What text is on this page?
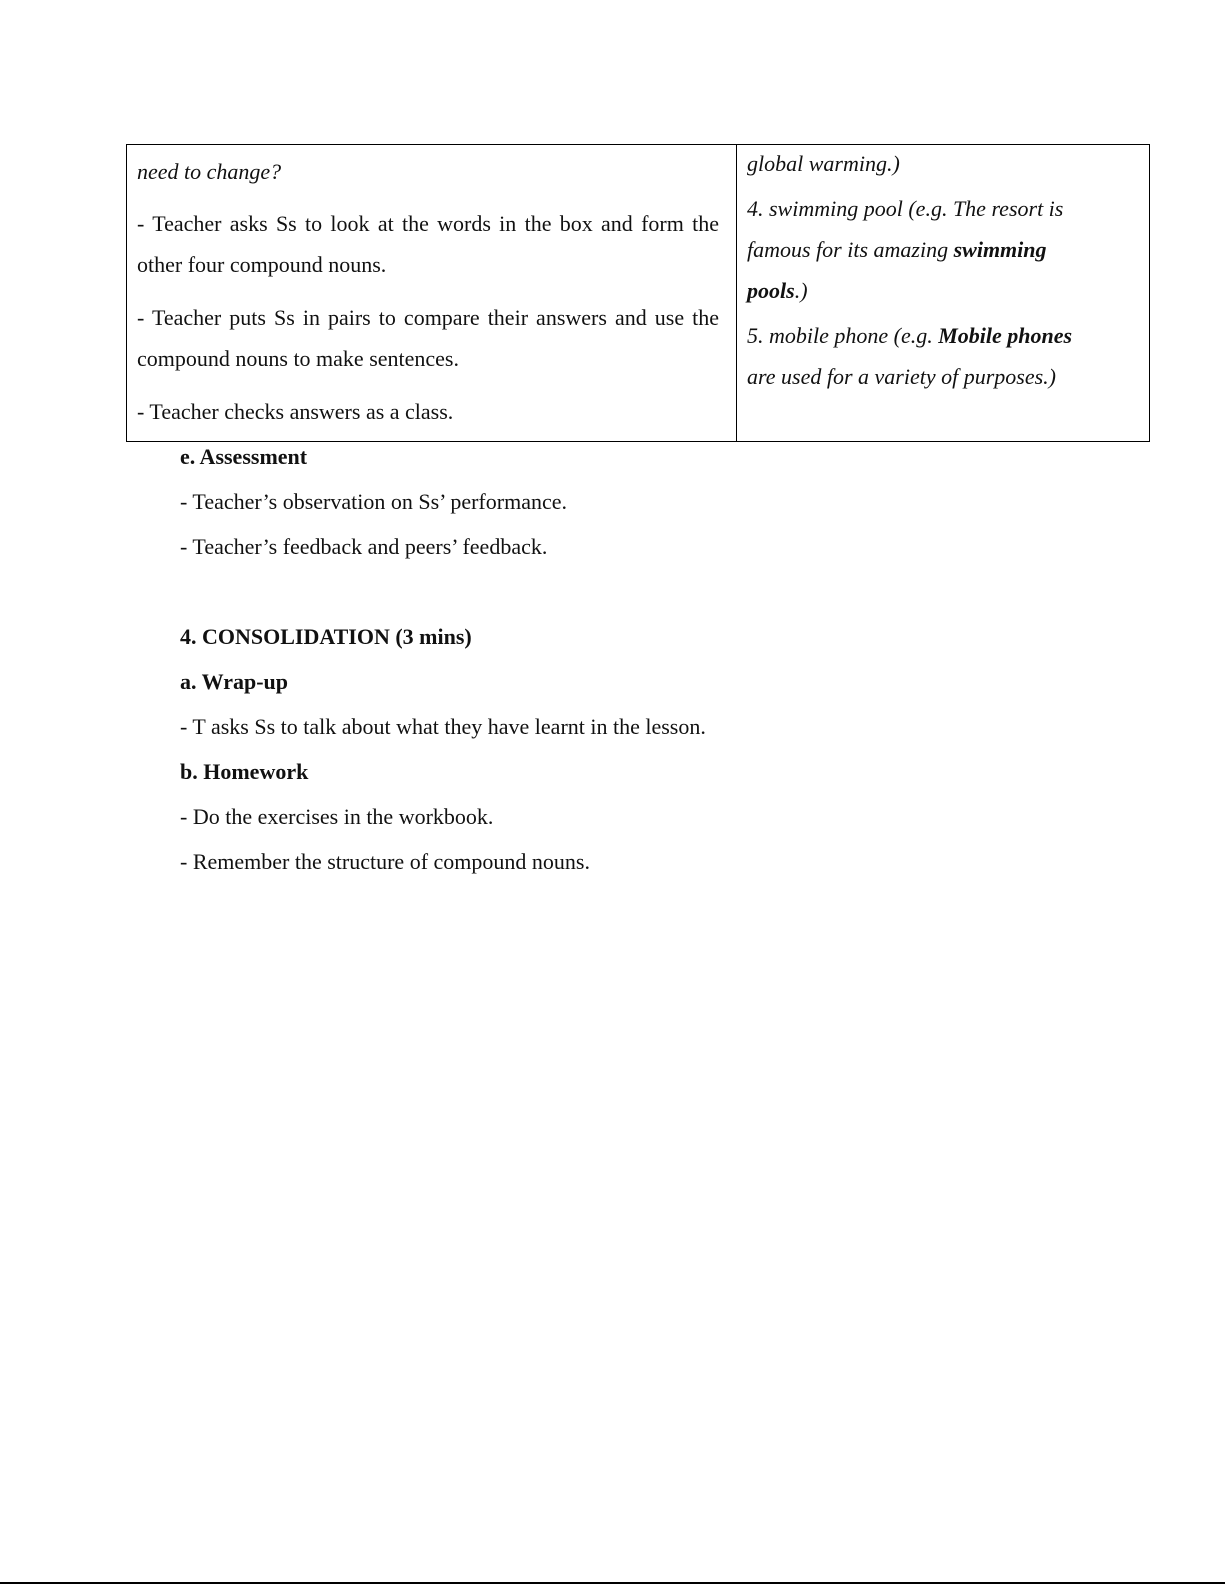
need to change?
- Teacher asks Ss to look at the words in the box and form the other four compound nouns.
- Teacher puts Ss in pairs to compare their answers and use the compound nouns to make sentences.
- Teacher checks answers as a class.
global warming.)
4. swimming pool (e.g. The resort is
famous for its amazing swimming
pools.)
5. mobile phone (e.g. Mobile phones
are used for a variety of purposes.)
e. Assessment
- Teacher’s observation on Ss’ performance.
- Teacher’s feedback and peers’ feedback.
4. CONSOLIDATION (3 mins)
a. Wrap-up
- T asks Ss to talk about what they have learnt in the lesson.
b. Homework
- Do the exercises in the workbook.
- Remember the structure of compound nouns.
